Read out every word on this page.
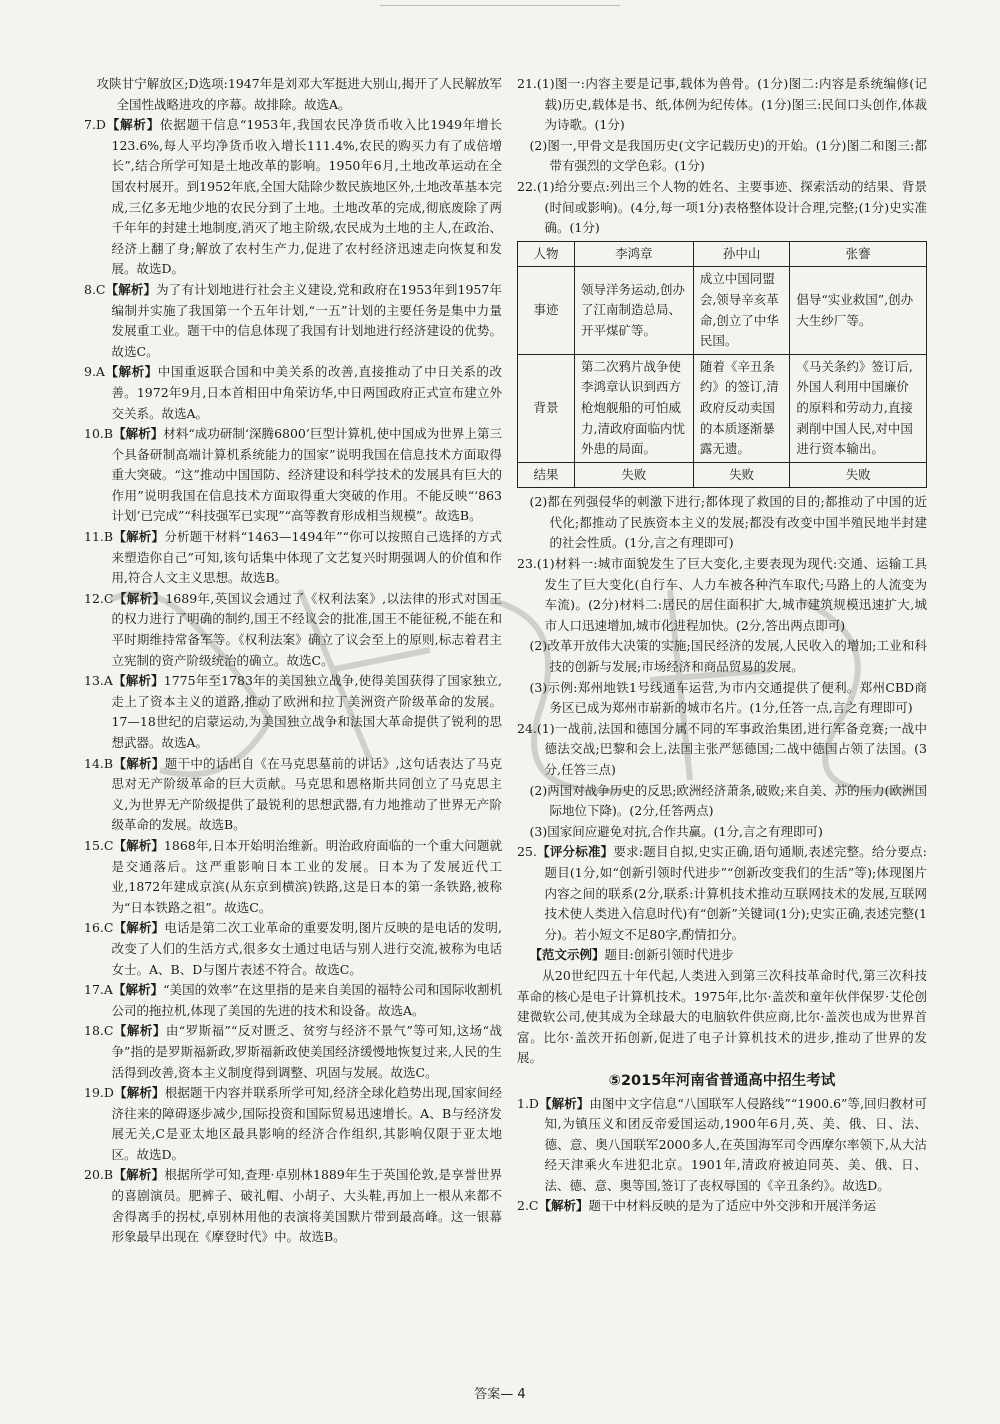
攻陕甘宁解放区;D选项:1947年是刘邓大军挺进大别山,揭开了人民解放军全国性战略进攻的序幕。故排除。故选A。

7.D【解析】依据题干信息“1953年,我国农民净货币收入比1949年增长123.6%,每人平均净货币收入增长111.4%,农民的购买力有了成倍增长”,结合所学可知是土地改革的影响。1950年6月,土地改革运动在全国农村展开。到1952年底,全国大陆除少数民族地区外,土地改革基本完成,三亿多无地少地的农民分到了土地。土地改革的完成,彻底废除了两千年年的封建土地制度,消灭了地主阶级,农民成为土地的主人,在政治、经济上翻了身;解放了农村生产力,促进了农村经济迅速走向恢复和发展。故选D。

8.C【解析】为了有计划地进行社会主义建设,党和政府在1953年到1957年编制并实施了我国第一个五年计划,“一五”计划的主要任务是集中力量发展重工业。题干中的信息体现了我国有计划地进行经济建设的优势。故选C。

9.A【解析】中国重返联合国和中美关系的改善,直接推动了中日关系的改善。1972年9月,日本首相田中角荣访华,中日两国政府正式宣布建立外交关系。故选A。

10.B【解析】材料“成功研制‘深腾6800’巨型计算机,使中国成为世界上第三个具备研制高端计算机系统能力的国家”说明我国在信息技术方面取得重大突破。“这”推动中国国防、经济建设和科学技术的发展具有巨大的作用”说明我国在信息技术方面取得重大突破的作用。不能反映“‘863计划’已完成”“科技强军已实现”“高等教育形成相当规模”。故选B。

11.B【解析】分析题干材料“1463—1494年”“你可以按照自己选择的方式来塑造你自己”可知,该句话集中体现了文艺复兴时期强调人的价值和作用,符合人文主义思想。故选B。

12.C【解析】1689年,英国议会通过了《权利法案》,以法律的形式对国王的权力进行了明确的制约,国王不经议会的批准,国王不能征税,不能在和平时期维持常备军等。《权利法案》确立了议会至上的原则,标志着君主立宪制的资产阶级统治的确立。故选C。

13.A【解析】1775年至1783年的美国独立战争,使得美国获得了国家独立,走上了资本主义的道路,推动了欧洲和拉丁美洲资产阶级革命的发展。17—18世纪的启蒙运动,为美国独立战争和法国大革命提供了锐利的思想武器。故选A。

14.B【解析】题干中的话出自《在马克思墓前的讲话》,这句话表达了马克思对无产阶级革命的巨大贡献。马克思和恩格斯共同创立了马克思主义,为世界无产阶级提供了最锐利的思想武器,有力地推动了世界无产阶级革命的发展。故选B。

15.C【解析】1868年,日本开始明治维新。明治政府面临的一个重大问题就是交通落后。这严重影响日本工业的发展。日本为了发展近代工业,1872年建成京滨(从东京到横滨)铁路,这是日本的第一条铁路,被称为“日本铁路之祖”。故选C。

16.C【解析】电话是第二次工业革命的重要发明,图片反映的是电话的发明,改变了人们的生活方式,很多女士通过电话与别人进行交流,被称为电话女士。A、B、D与图片表述不符合。故选C。

17.A【解析】“美国的效率”在这里指的是来自美国的福特公司和国际收割机公司的拖拉机,体现了美国的先进的技术和设备。故选A。

18.C【解析】由“罗斯福”“反对匮乏、贫穷与经济不景气”等可知,这场“战争”指的是罗斯福新政,罗斯福新政使美国经济缓慢地恢复过来,人民的生活得到改善,资本主义制度得到调整、巩固与发展。故选C。

19.D【解析】根据题干内容并联系所学可知,经济全球化趋势出现,国家间经济往来的障碍逐步减少,国际投资和国际贸易迅速增长。A、B与经济发展无关,C是亚太地区最具影响的经济合作组织,其影响仅限于亚太地区。故选D。

20.B【解析】根据所学可知,查理·卓别林1889年生于英国伦敦,是享誉世界的喜剧演员。肥裤子、破礼帽、小胡子、大头鞋,再加上一根从来都不舍得离手的拐杖,卓别林用他的表演将美国默片带到最高峰。这一银幕形象最早出现在《摩登时代》中。故选B。

21.(1)图一:内容主要是记事,载体为兽骨。(1分)图二:内容是系统编修(记载)历史,载体是书、纸,体例为纪传体。(1分)图三:民间口头创作,体裁为诗歌。(1分)

(2)图一,甲骨文是我国历史(文字记载历史)的开始。(1分)图二和图三:都带有强烈的文学色彩。(1分)

22.(1)给分要点:列出三个人物的姓名、主要事迹、探索活动的结果、背景(时间或影响)。(4分,每一项1分)表格整体设计合理,完整;(1分)史实准确。(1分)

人物	李鸿章	孙中山	张謇
事迹	领导洋务运动,创办了江南制造总局、开平煤矿等。	成立中国同盟会,领导辛亥革命,创立了中华民国。	倡导“实业救国”,创办大生纱厂等。
背景	第二次鸦片战争使李鸿章认识到西方枪炮舰船的可怕威力,清政府面临内忧外患的局面。	随着《辛丑条约》的签订,清政府反动卖国的本质逐渐暴露无遗。	《马关条约》签订后,外国人利用中国廉价的原料和劳动力,直接剥削中国人民,对中国进行资本输出。
结果	失败	失败	失败

(2)都在列强侵华的刺激下进行;都体现了救国的目的;都推动了中国的近代化;都推动了民族资本主义的发展;都没有改变中国半殖民地半封建的社会性质。(1分,言之有理即可)

23.(1)材料一:城市面貌发生了巨大变化,主要表现为现代:交通、运输工具发生了巨大变化(自行车、人力车被各种汽车取代;马路上的人流变为车流)。(2分)材料二:居民的居住面积扩大,城市建筑规模迅速扩大,城市人口迅速增加,城市化进程加快。(2分,答出两点即可)

(2)改革开放伟大决策的实施;国民经济的发展,人民收入的增加;工业和科技的创新与发展;市场经济和商品贸易的发展。

(3)示例:郑州地铁1号线通车运营,为市内交通提供了便利。郑州CBD商务区已成为郑州市崭新的城市名片。(1分,任答一点,言之有理即可)

24.(1)一战前,法国和德国分属不同的军事政治集团,进行军备竞赛;一战中德法交战;巴黎和会上,法国主张严惩德国;二战中德国占领了法国。(3分,任答三点)

(2)两国对战争历史的反思;欧洲经济萧条,破败;来自美、苏的压力(欧洲国际地位下降)。(2分,任答两点)

(3)国家间应避免对抗,合作共赢。(1分,言之有理即可)

25.【评分标准】要求:题目自拟,史实正确,语句通顺,表述完整。给分要点:题目(1分,如“创新引领时代进步”“创新改变我们的生活”等);体现图片内容之间的联系(2分,联系:计算机技术推动互联网技术的发展,互联网技术使人类进入信息时代)有“创新”关键词(1分);史实正确,表述完整(1分)。若小短文不足80字,酌情扣分。

【范文示例】题目:创新引领时代进步

从20世纪四五十年代起,人类进入到第三次科技革命时代,第三次科技革命的核心是电子计算机技术。1975年,比尔·盖茨和童年伙伴保罗·艾伦创建微软公司,使其成为全球最大的电脑软件供应商,比尔·盖茨也成为世界首富。比尔·盖茨开拓创新,促进了电子计算机技术的进步,推动了世界的发展。

⑤2015年河南省普通高中招生考试

1.D【解析】由图中文字信息“八国联军人侵路线”“1900.6”等,回归教材可知,为镇压义和团反帝爱国运动,1900年6月,英、美、俄、日、法、德、意、奥八国联军2000多人,在英国海军司令西摩尔率领下,从大沽经天津乘火车进犯北京。1901年,清政府被迫同英、美、俄、日、法、德、意、奥等国,签订了丧权辱国的《辛丑条约》。故选D。

2.C【解析】题干中材料反映的是为了适应中外交涉和开展洋务运

答案— 4
